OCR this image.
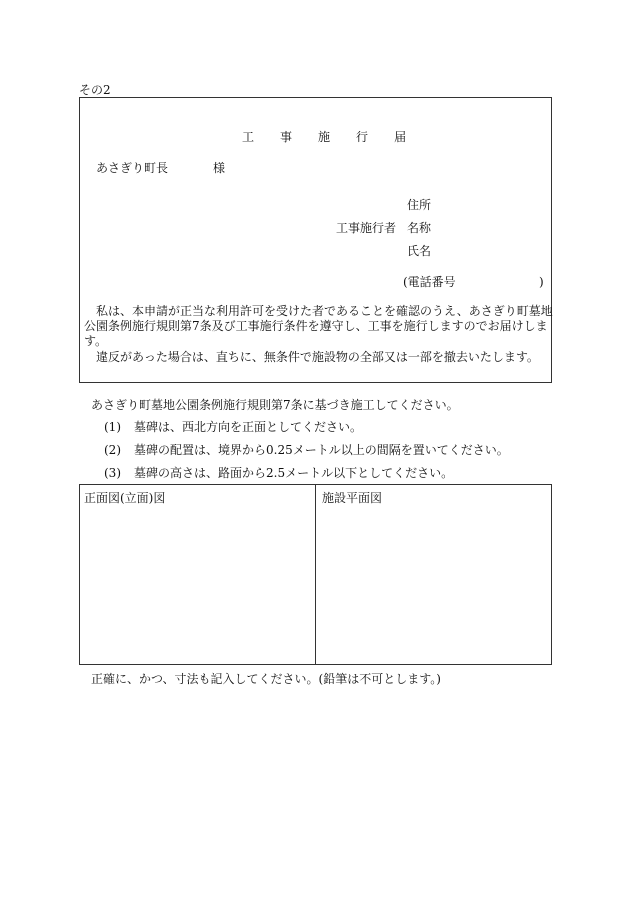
その2
工 事 施 行 届
あさぎり町長	様
住所
工事施行者 名称
氏名
(電話番号	)
私は、本申請が正当な利用許可を受けた者であることを確認のうえ、あさぎり町墓地
公園条例施行規則第7条及び工事施行条件を遵守し、工事を施行しますのでお届けしま
す。
違反があった場合は、直ちに、無条件で施設物の全部又は一部を撤去いたします。
あさぎり町墓地公園条例施行規則第7条に基づき施工してください。
(1) 墓碑は、西北方向を正面としてください。
(2) 墓碑の配置は、境界から0.25メートル以上の間隔を置いてください。
(3) 墓碑の高さは、路面から2.5メートル以下としてください。
正面図(立面)図	施設平面図
正確に、かつ、寸法も記入してください。(鉛筆は不可とします。)
